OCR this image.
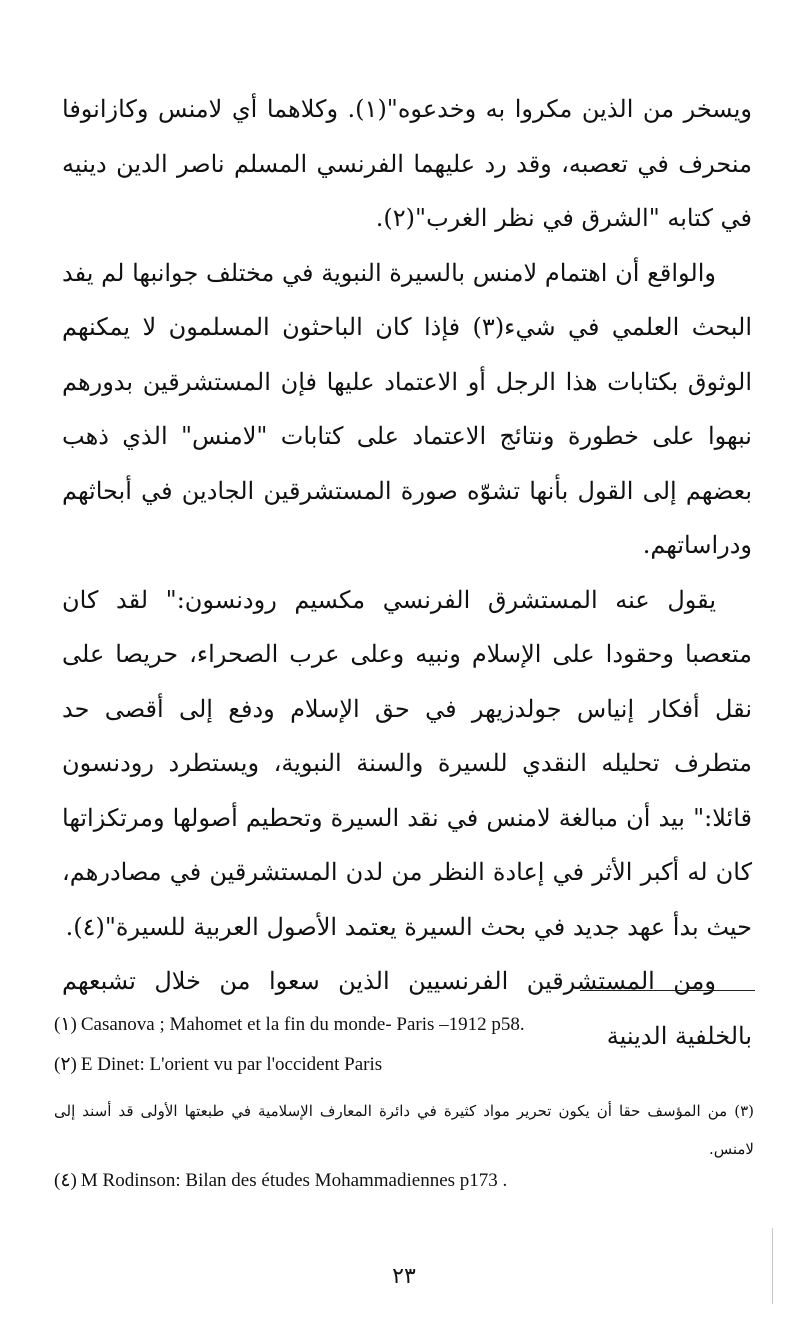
ويسخر من الذين مكروا به وخدعوه"(١). وكلاهما أي لامنس وكازانوفا منحرف في تعصبه، وقد رد عليهما الفرنسي المسلم ناصر الدين دينيه في كتابه "الشرق في نظر الغرب"(٢).

والواقع أن اهتمام لامنس بالسيرة النبوية في مختلف جوانبها لم يفد البحث العلمي في شيء(٣) فإذا كان الباحثون المسلمون لا يمكنهم الوثوق بكتابات هذا الرجل أو الاعتماد عليها فإن المستشرقين بدورهم نبهوا على خطورة ونتائج الاعتماد على كتابات "لامنس" الذي ذهب بعضهم إلى القول بأنها تشوّه صورة المستشرقين الجادين في أبحاثهم ودراساتهم.

يقول عنه المستشرق الفرنسي مكسيم رودنسون:" لقد كان متعصبا وحقودا على الإسلام ونبيه وعلى عرب الصحراء، حريصا على نقل أفكار إنياس جولدزيهر في حق الإسلام ودفع إلى أقصى حد متطرف تحليله النقدي للسيرة والسنة النبوية، ويستطرد رودنسون قائلا:" بيد أن مبالغة لامنس في نقد السيرة وتحطيم أصولها ومرتكزاتها كان له أكبر الأثر في إعادة النظر من لدن المستشرقين في مصادرهم، حيث بدأ عهد جديد في بحث السيرة يعتمد الأصول العربية للسيرة"(٤).

ومن المستشرقين الفرنسيين الذين سعوا من خلال تشبعهم بالخلفية الدينية

(١) Casanova ; Mahomet et la fin du monde- Paris –1912 p58.
(٢) E Dinet: L'orient vu par l'occident Paris
(٣) من المؤسف حقا أن يكون تحرير مواد كثيرة في دائرة المعارف الإسلامية في طبعتها الأولى قد أسند إلى لامنس.
(٤) M Rodinson: Bilan des études Mohammadiennes p173 .
٢٣
